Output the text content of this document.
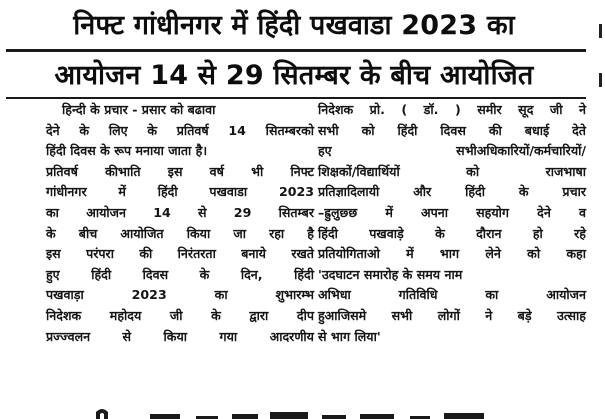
निफ्ट गांधीनगर में हिंदी पखवाडा 2023 का
आयोजन 14 से 29 सितम्बर के बीच आयोजित
हिन्दी के प्रचार - प्रसार को बढावा
देने के लिए के प्रतिवर्ष 14 सितम्बरको
हिंदी दिवस के रूप मनाया जाता है।
प्रतिवर्ष कीभाति इस वर्ष भी निफ्ट
गांधीनगर में हिंदी पखवाडा 2023
का आयोजन 14 से 29 सितम्बर
के बीच आयोजित किया जा रहा है
इस परंपरा की निरंतरता बनाये रखते
हुए हिंदी दिवस के दिन, हिंदी
पखवाड़ा 2023 का शुभारम्भ
निदेशक महोदय जी के द्वारा दीप
प्रज्ज्वलन से किया गया आदरणीय
निदेशक प्रो. ( डॉ. ) समीर सूद जी ने
सभी को हिंदी दिवस की बधाई देते
हए सभीअधिकारियों/कर्मचारियों/
शिक्षकों/विद्यार्थियों को राजभाषा
प्रतिज्ञादिलायी और हिंदी के प्रचार
–ह्रुलुछ्छ में अपना सहयोग देने व
हिंदी पखवाड़े के दौरान हो रहे
प्रतियोगिताओ में भाग लेने को कहा
'उदघाटन समारोह के समय नाम
अभिधा गतिविधि का आयोजन
हुआजिसमे सभी लोगों ने बड़े उत्साह
से भाग लिया'
